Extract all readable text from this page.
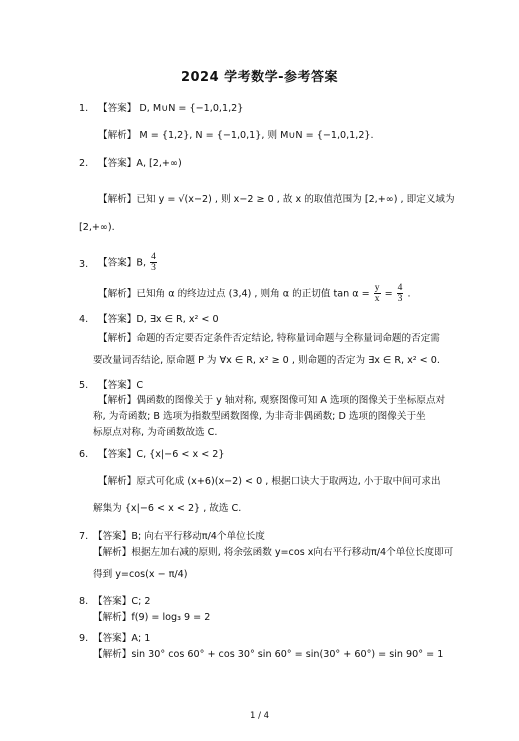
2024 学考数学-参考答案
1. 【答案】 D, M∪N = {−1,0,1,2}
【解析】 M = {1,2}, N = {−1,0,1}, 则 M∪N = {−1,0,1,2}.
2. 【答案】A, [2,+∞)
【解析】已知 y = √(x−2) , 则 x−2 ≥ 0 , 故 x 的取值范围为 [2,+∞) , 即定义域为
[2,+∞).
3. 【答案】B, $\frac{4}{3}$
【解析】已知角 α 的终边过点 (3,4) , 则角 α 的正切值 $\tan \alpha = \frac{y}{x} = \frac{4}{3}$ .
4. 【答案】D, ∃x ∈ R, x² < 0
【解析】命题的否定要否定条件否定结论, 特称量词命题与全称量词命题的否定需
要改量词否结论, 原命题 P 为 ∀x ∈ R, x² ≥ 0 , 则命题的否定为 ∃x ∈ R, x² < 0.
5. 【答案】C
【解析】偶函数的图像关于 y 轴对称, 观察图像可知 A 选项的图像关于坐标原点对
称, 为奇函数; B 选项为指数型函数图像, 为非奇非偶函数; D 选项的图像关于坐
标原点对称, 为奇函数故选 C.
6. 【答案】C, {x|−6 < x < 2}
【解析】原式可化成 (x+6)(x−2) < 0 , 根据口诀大于取两边, 小于取中间可求出
解集为 {x|−6 < x < 2} , 故选 C.
7. 【答案】B; 向右平行移动π/4个单位长度
【解析】根据左加右减的原则, 将余弦函数 y=cos x向右平行移动π/4个单位长度即可
得到 y=cos(x − π/4)
8. 【答案】C; 2
【解析】f(9) = log₃ 9 = 2
9. 【答案】A; 1
【解析】sin 30° cos 60° + cos 30° sin 60° = sin(30° + 60°) = sin 90° = 1
1 / 4
